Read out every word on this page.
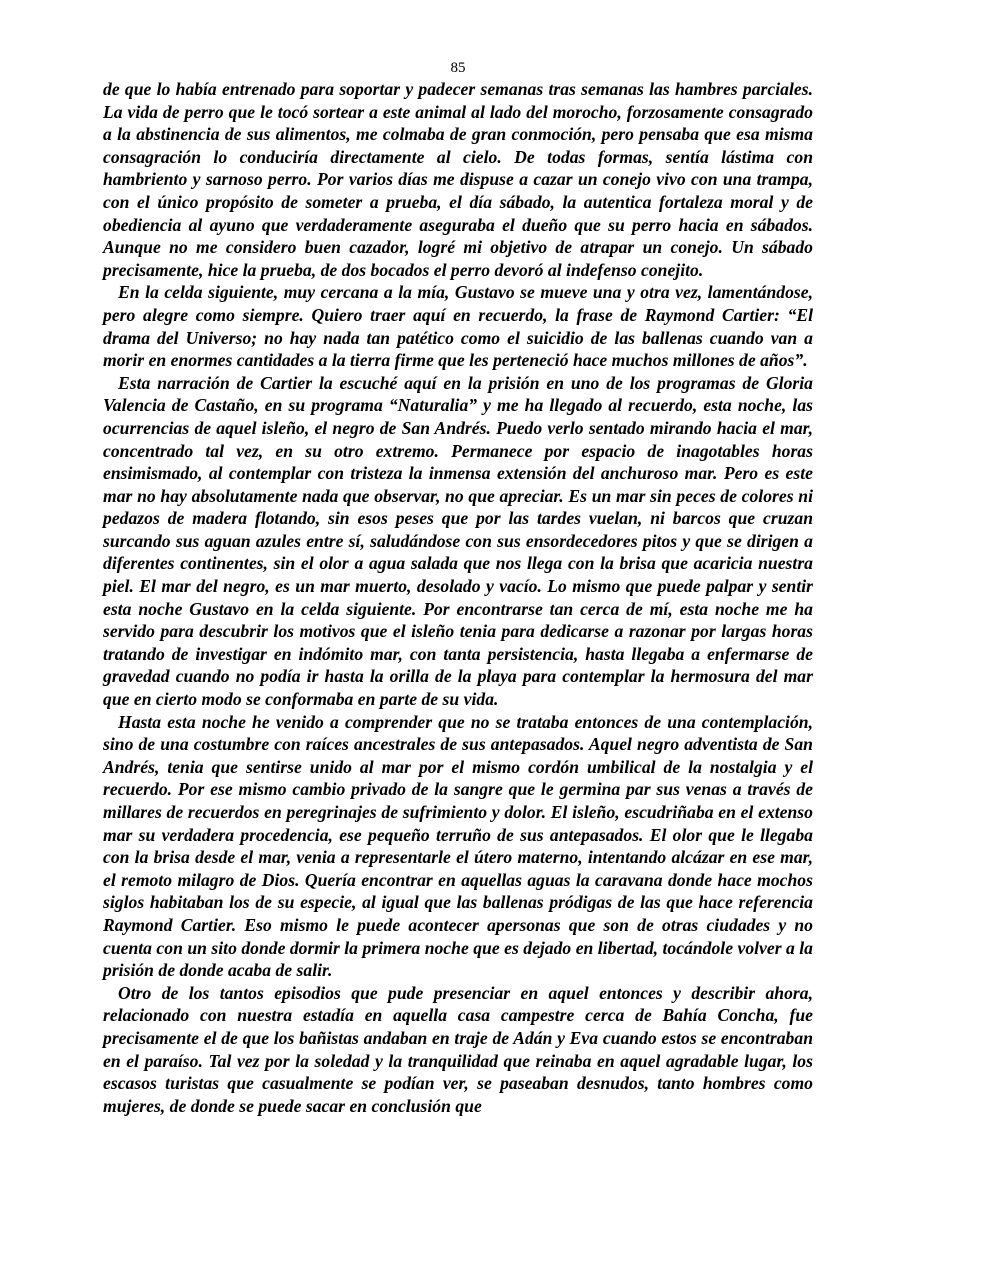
85

de que lo había entrenado para soportar y padecer semanas tras semanas las hambres parciales. La vida de perro que le tocó sortear a este animal al lado del morocho, forzosamente consagrado a la abstinencia de sus alimentos, me colmaba de gran conmoción, pero pensaba que esa misma consagración lo conduciría directamente al cielo. De todas formas, sentía lástima con hambriento y sarnoso perro. Por varios días me dispuse a cazar un conejo vivo con una trampa, con el único propósito de someter a prueba, el día sábado, la autentica fortaleza moral y de obediencia al ayuno que verdaderamente aseguraba el dueño que su perro hacia en sábados. Aunque no me considero buen cazador, logré mi objetivo de atrapar un conejo. Un sábado precisamente, hice la prueba, de dos bocados el perro devoró al indefenso conejito.

En la celda siguiente, muy cercana a la mía, Gustavo se mueve una y otra vez, lamentándose, pero alegre como siempre. Quiero traer aquí en recuerdo, la frase de Raymond Cartier: “El drama del Universo; no hay nada tan patético como el suicidio de las ballenas cuando van a morir en enormes cantidades a la tierra firme que les perteneció hace muchos millones de años”.

Esta narración de Cartier la escuché aquí en la prisión en uno de los programas de Gloria Valencia de Castaño, en su programa “Naturalia” y me ha llegado al recuerdo, esta noche, las ocurrencias de aquel isleño, el negro de San Andrés. Puedo verlo sentado mirando hacia el mar, concentrado tal vez, en su otro extremo. Permanece por espacio de inagotables horas ensimismado, al contemplar con tristeza la inmensa extensión del anchuroso mar. Pero es este mar no hay absolutamente nada que observar, no que apreciar. Es un mar sin peces de colores ni pedazos de madera flotando, sin esos peses que por las tardes vuelan, ni barcos que cruzan surcando sus aguan azules entre sí, saludándose con sus ensordecedores pitos y que se dirigen a diferentes continentes, sin el olor a agua salada que nos llega con la brisa que acaricia nuestra piel. El mar del negro, es un mar muerto, desolado y vacío. Lo mismo que puede palpar y sentir esta noche Gustavo en la celda siguiente. Por encontrarse tan cerca de mí, esta noche me ha servido para descubrir los motivos que el isleño tenia para dedicarse a razonar por largas horas tratando de investigar en indómito mar, con tanta persistencia, hasta llegaba a enfermarse de gravedad cuando no podía ir hasta la orilla de la playa para contemplar la hermosura del mar que en cierto modo se conformaba en parte de su vida.

Hasta esta noche he venido a comprender que no se trataba entonces de una contemplación, sino de una costumbre con raíces ancestrales de sus antepasados. Aquel negro adventista de San Andrés, tenia que sentirse unido al mar por el mismo cordón umbilical de la nostalgia y el recuerdo. Por ese mismo cambio privado de la sangre que le germina par sus venas a través de millares de recuerdos en peregrinajes de sufrimiento y dolor. El isleño, escudriñaba en el extenso mar su verdadera procedencia, ese pequeño terruño de sus antepasados. El olor que le llegaba con la brisa desde el mar, venia a representarle el útero materno, intentando alcázar en ese mar, el remoto milagro de Dios. Quería encontrar en aquellas aguas la caravana donde hace mochos siglos habitaban los de su especie, al igual que las ballenas pródigas de las que hace referencia Raymond Cartier. Eso mismo le puede acontecer apersonas que son de otras ciudades y no cuenta con un sito donde dormir la primera noche que es dejado en libertad, tocándole volver a la prisión de donde acaba de salir.

Otro de los tantos episodios que pude presenciar en aquel entonces y describir ahora, relacionado con nuestra estadía en aquella casa campestre cerca de Bahía Concha, fue precisamente el de que los bañistas andaban en traje de Adán y Eva cuando estos se encontraban en el paraíso. Tal vez por la soledad y la tranquilidad que reinaba en aquel agradable lugar, los escasos turistas que casualmente se podían ver, se paseaban desnudos, tanto hombres como mujeres, de donde se puede sacar en conclusión que
